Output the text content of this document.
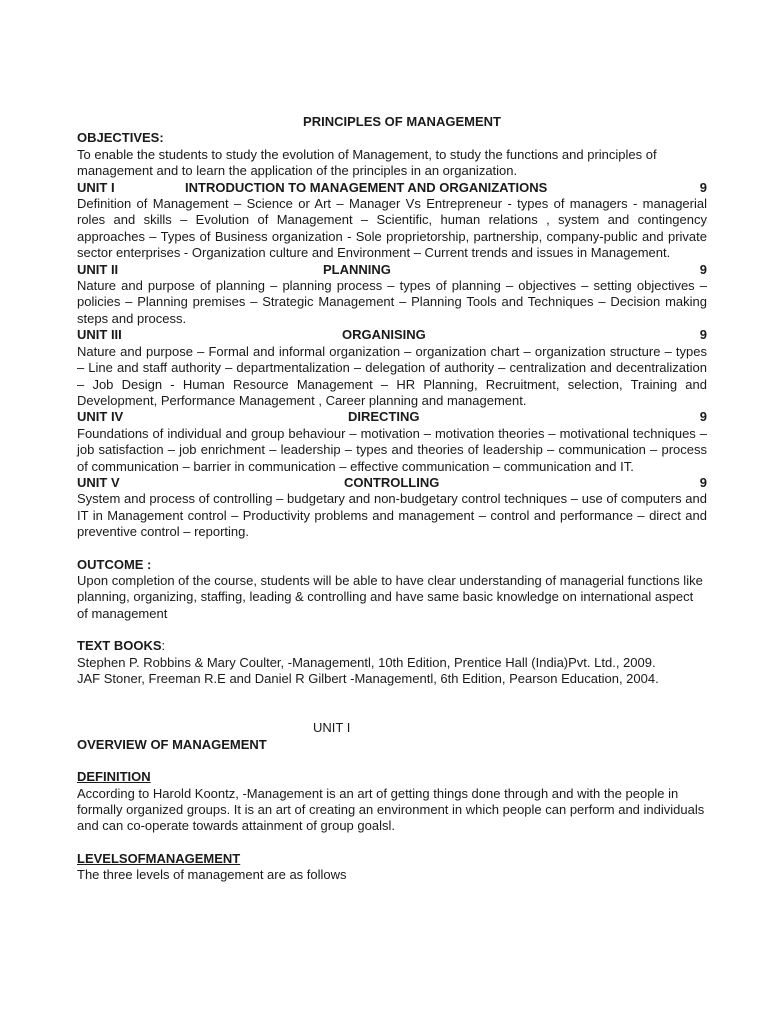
PRINCIPLES OF MANAGEMENT

OBJECTIVES:

To enable the students to study the evolution of Management, to study the functions and principles of management and to learn the application of the principles in an organization.

UNIT I	INTRODUCTION TO MANAGEMENT AND ORGANIZATIONS	9

Definition of Management – Science or Art – Manager Vs Entrepreneur - types of managers - managerial roles and skills – Evolution of Management – Scientific, human relations , system and contingency approaches – Types of Business organization - Sole proprietorship, partnership, company-public and private sector enterprises - Organization culture and Environment – Current trends and issues in Management.

UNIT II	PLANNING	9

Nature and purpose of planning – planning process – types of planning – objectives – setting objectives – policies – Planning premises – Strategic Management – Planning Tools and Techniques – Decision making steps and process.

UNIT III	ORGANISING	9

Nature and purpose – Formal and informal organization – organization chart – organization structure – types – Line and staff authority – departmentalization – delegation of authority – centralization and decentralization – Job Design - Human Resource Management – HR Planning, Recruitment, selection, Training and Development, Performance Management , Career planning and management.

UNIT IV	DIRECTING	9

Foundations of individual and group behaviour – motivation – motivation theories – motivational techniques – job satisfaction – job enrichment – leadership – types and theories of leadership – communication – process of communication – barrier in communication – effective communication – communication and IT.

UNIT V	CONTROLLING	9

System and process of controlling – budgetary and non-budgetary control techniques – use of computers and IT in Management control – Productivity problems and management – control and performance – direct and preventive control – reporting.

OUTCOME :

Upon completion of the course, students will be able to have clear understanding of managerial functions like planning, organizing, staffing, leading & controlling and have same basic knowledge on international aspect of management

TEXT BOOKS:

Stephen P. Robbins & Mary Coulter, -Managementl, 10th Edition, Prentice Hall (India)Pvt. Ltd., 2009.

JAF Stoner, Freeman R.E and Daniel R Gilbert -Managementl, 6th Edition, Pearson Education, 2004.

UNIT I

OVERVIEW OF MANAGEMENT

DEFINITION

According to Harold Koontz, -Management is an art of getting things done through and with the people in formally organized groups. It is an art of creating an environment in which people can perform and individuals and can co-operate towards attainment of group goalsl.

LEVELSOFMANAGEMENT

The three levels of management are as follows
